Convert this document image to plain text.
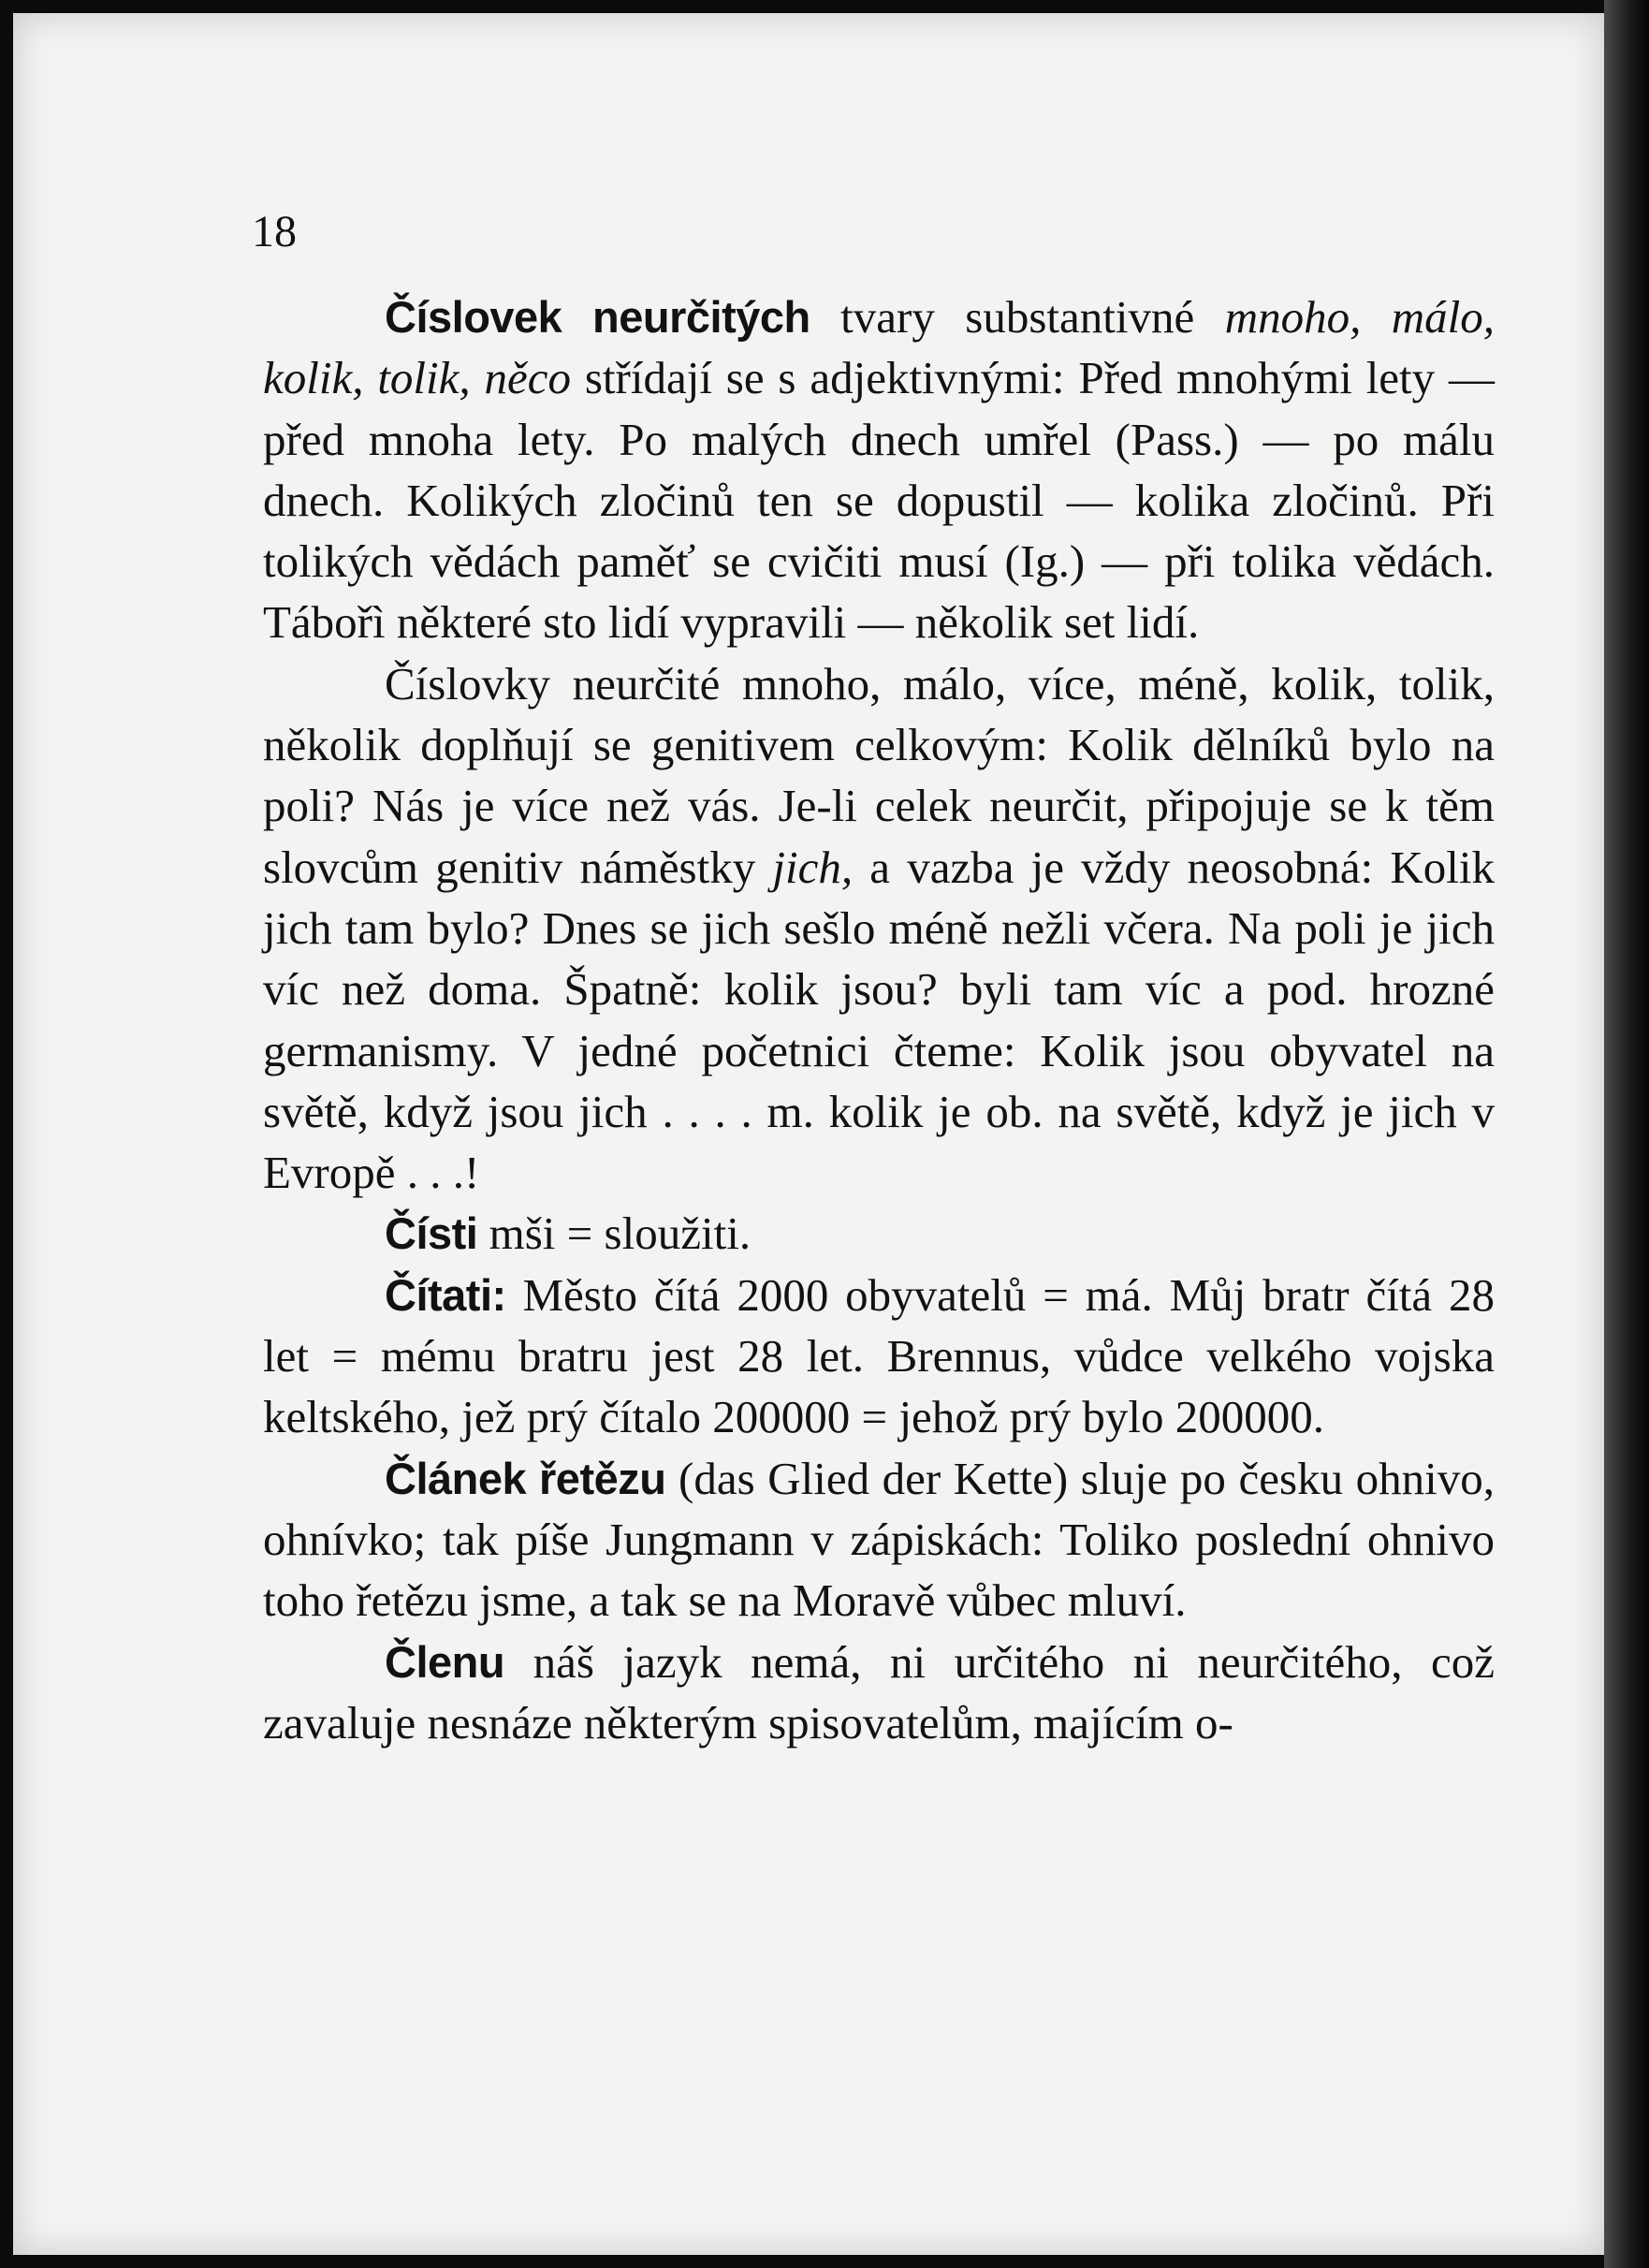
18

Číslovek neurčitých tvary substantivné mnoho, málo, kolik, tolik, něco střídají se s adjektivnými: Před mnohými lety — před mnoha lety. Po malých dnech umřel (Pass.) — po málu dnech. Kolikých zločinů ten se dopustil — kolika zločinů. Při tolikých vědách paměť se cvičiti musí (Ig.) — při tolika vědách. Tábořì některé sto lidí vypravili — několik set lidí.

Číslovky neurčité mnoho, málo, více, méně, kolik, tolik, několik doplňují se genitivem celkovým: Kolik dělníků bylo na poli? Nás je více než vás. Je-li celek neurčit, připojuje se k těm slovcům genitiv náměstky jich, a vazba je vždy neosobná: Kolik jich tam bylo? Dnes se jich sešlo méně nežli včera. Na poli je jich víc než doma. Špatně: kolik jsou? byli tam víc a pod. hrozné germanismy. V jedné početnici čteme: Kolik jsou obyvatel na světě, když jsou jich . . . . m. kolik je ob. na světě, když je jich v Evropě . . .!

Čísti mši = sloužiti.

Čítati: Město čítá 2000 obyvatelů = má. Můj bratr čítá 28 let = mému bratru jest 28 let. Brennus, vůdce velkého vojska keltského, jež prý čítalo 200000 = jehož prý bylo 200000.

Článek řetězu (das Glied der Kette) sluje po česku ohnivo, ohnívko; tak píše Jungmann v zápiskách: Toliko poslední ohnivo toho řetězu jsme, a tak se na Moravě vůbec mluví.

Členu náš jazyk nemá, ni určitého ni neurčitého, což zavaluje nesnáze některým spisovatelům, majícím o-
